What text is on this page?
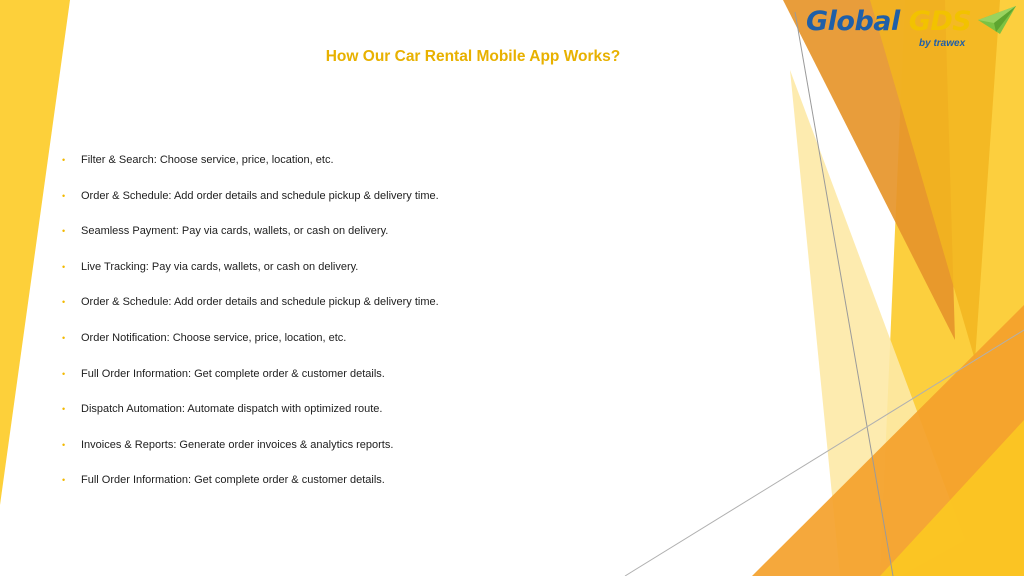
Global GDS
by trawex
How Our Car Rental Mobile App Works?
•	Filter & Search: Choose service, price, location, etc.
•	Order & Schedule: Add order details and schedule pickup & delivery time.
•	Seamless Payment: Pay via cards, wallets, or cash on delivery.
•	Live Tracking: Pay via cards, wallets, or cash on delivery.
•	Order & Schedule: Add order details and schedule pickup & delivery time.
•	Order Notification: Choose service, price, location, etc.
•	Full Order Information: Get complete order & customer details.
•	Dispatch Automation: Automate dispatch with optimized route.
•	Invoices & Reports: Generate order invoices & analytics reports.
•	Full Order Information: Get complete order & customer details.
